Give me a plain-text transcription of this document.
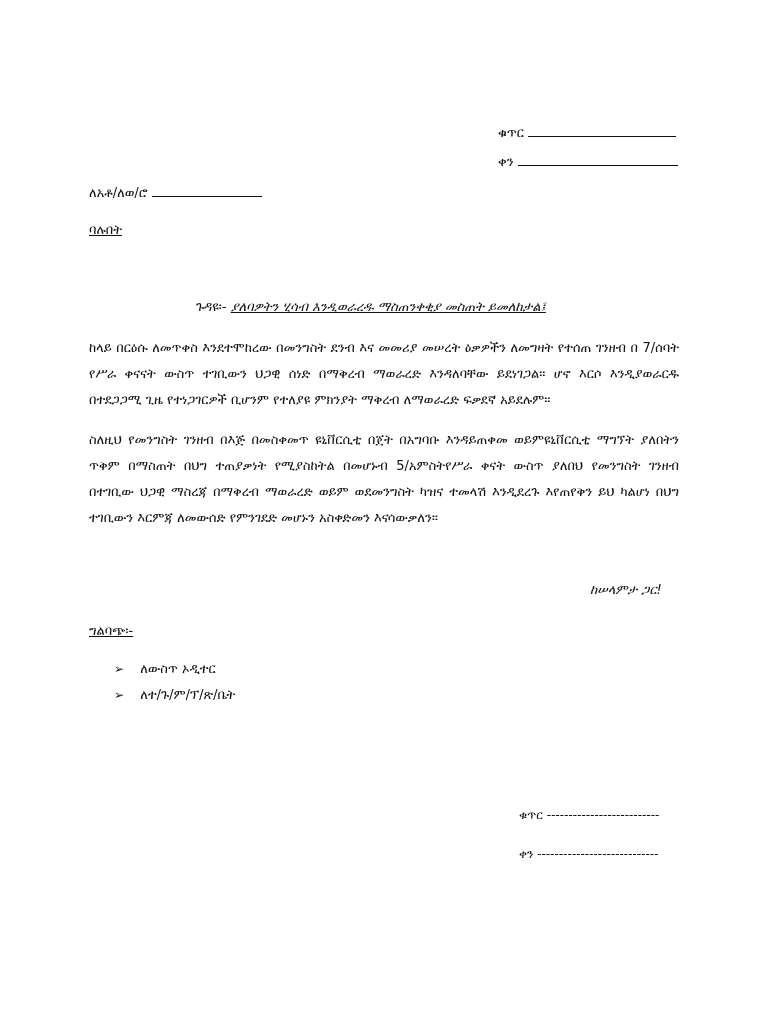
ቁጥር
ቀን
ለአቶ/ለወ/ሮ
ባሉበት
ጉዳዩ፡- ያለባዎትን ሂሳብ እንዲወራረዱ ማስጠንቀቂያ መስጠት ይመለከታል፤
ከላይ በርዕሱ ለመጥቀስ እንደተሞከረው በመንግስት ደንብ እና መመሪያ መሠረት ዕቃዎችን ለመግዛት የተሰጠ ገንዘብ በ 7/ሰባት የሥራ ቀናናት ውስጥ ተገቢውን ህጋዊ ሰነድ በማቅረብ ማወራረድ እንዳለባቸው ይደነገጋል። ሆኖ እርሶ እንዲያወራርዱ በተደጋጋሚ ጊዜ የተነጋገርዎች ቢሆንም የተለያዩ ምክንያት ማቅረብ ለማወራረድ ፍቃደኛ አይደሉም።
ስለዚህ የመንግስት ገንዘብ በእጅ በመስቀመጥ ዩኒቨርሲቲ በጀት በአግባቡ እንዳይጠቀመ ወይምዩኒቨርሲቲ ማግኘት ያለበትን ጥቅም በማስጠት በህግ ተጠያቃነት የሚያስከትል በመሆኑብ 5/አምስትየሥራ ቀናት ውስጥ ያለበህ የመንግስት ገንዘብ በተገቢው ህጋዊ ማስረጃ በማቅረብ ማወራረድ ወይም ወደመንግስት ካዝና ተመላሽ እንዲደረጉ እየጠየቅን ይህ ካልሆነ በህግ ተገቢውን እርምጃ ለመውሰድ የምንገደድ መሆኑን አስቀድመን እናሳውቃለን።
ከሠላምታ ጋር!
ግልባጭ፡-
➢ ለውስጥ ኦዲተር
➢ ለተ/ጉ/ም/ፕ/ጽ/ቤት
ቁጥር --------------------------
ቀን ----------------------------
